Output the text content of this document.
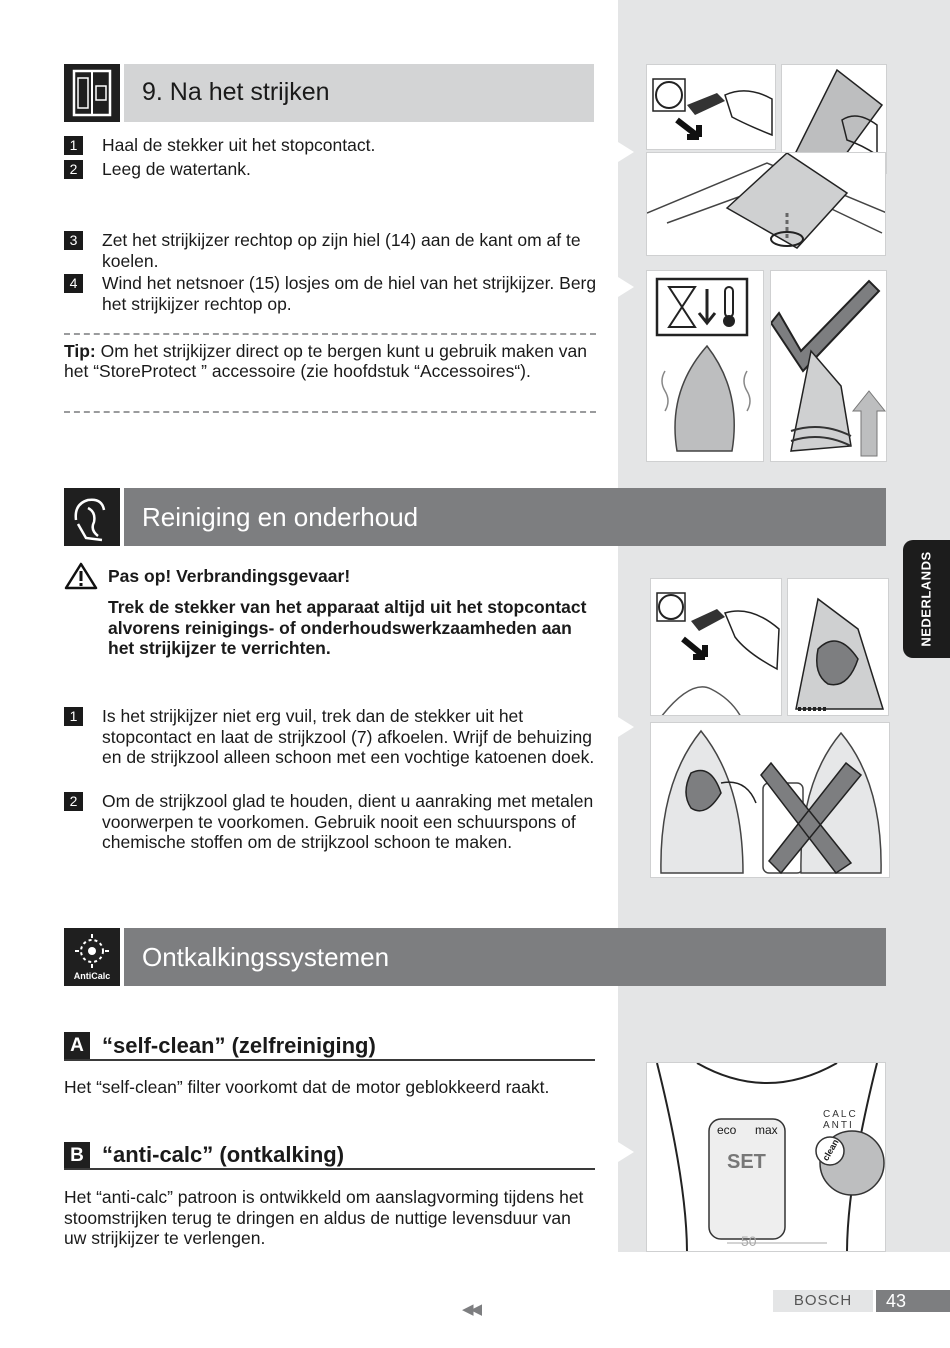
9. Na het strijken
1	Haal de stekker uit het stopcontact.
2	Leeg de watertank.
3	Zet het strijkijzer rechtop op zijn hiel (14) aan de kant om af te koelen.
4	Wind het netsnoer (15) losjes om de hiel van het strijkijzer. Berg het strijkijzer rechtop op.
Tip: Om het strijkijzer direct op te bergen kunt u gebruik maken van het “StoreProtect ” accessoire (zie hoofdstuk “Accessoires“).
Reiniging en onderhoud
Pas op! Verbrandingsgevaar!
Trek de stekker van het apparaat altijd uit het stopcontact alvorens reinigings- of onderhoudswerkzaamheden aan het strijkijzer te verrichten.
1	Is het strijkijzer niet erg vuil, trek dan de stekker uit het stopcontact en laat de strijkzool (7) afkoelen. Wrijf de behuizing en de strijkzool alleen schoon met een vochtige katoenen doek.
2	Om de strijkzool glad te houden, dient u aanraking met metalen voorwerpen te voorkomen. Gebruik nooit een schuurspons of chemische stoffen om de strijkzool schoon te maken.
NEDERLANDS
AntiCalc
Ontkalkingssystemen
A “self-clean” (zelfreiniging)
Het “self-clean” filter voorkomt dat de motor geblokkeerd raakt.
B “anti-calc” (ontkalking)
Het “anti-calc” patroon is ontwikkeld om aanslagvorming tijdens het stoomstrijken terug te dringen en aldus de nuttige levensduur van uw strijkijzer te verlengen.
eco max
SET	clean
CALC ANTI
50
◀◀
BOSCH	43
